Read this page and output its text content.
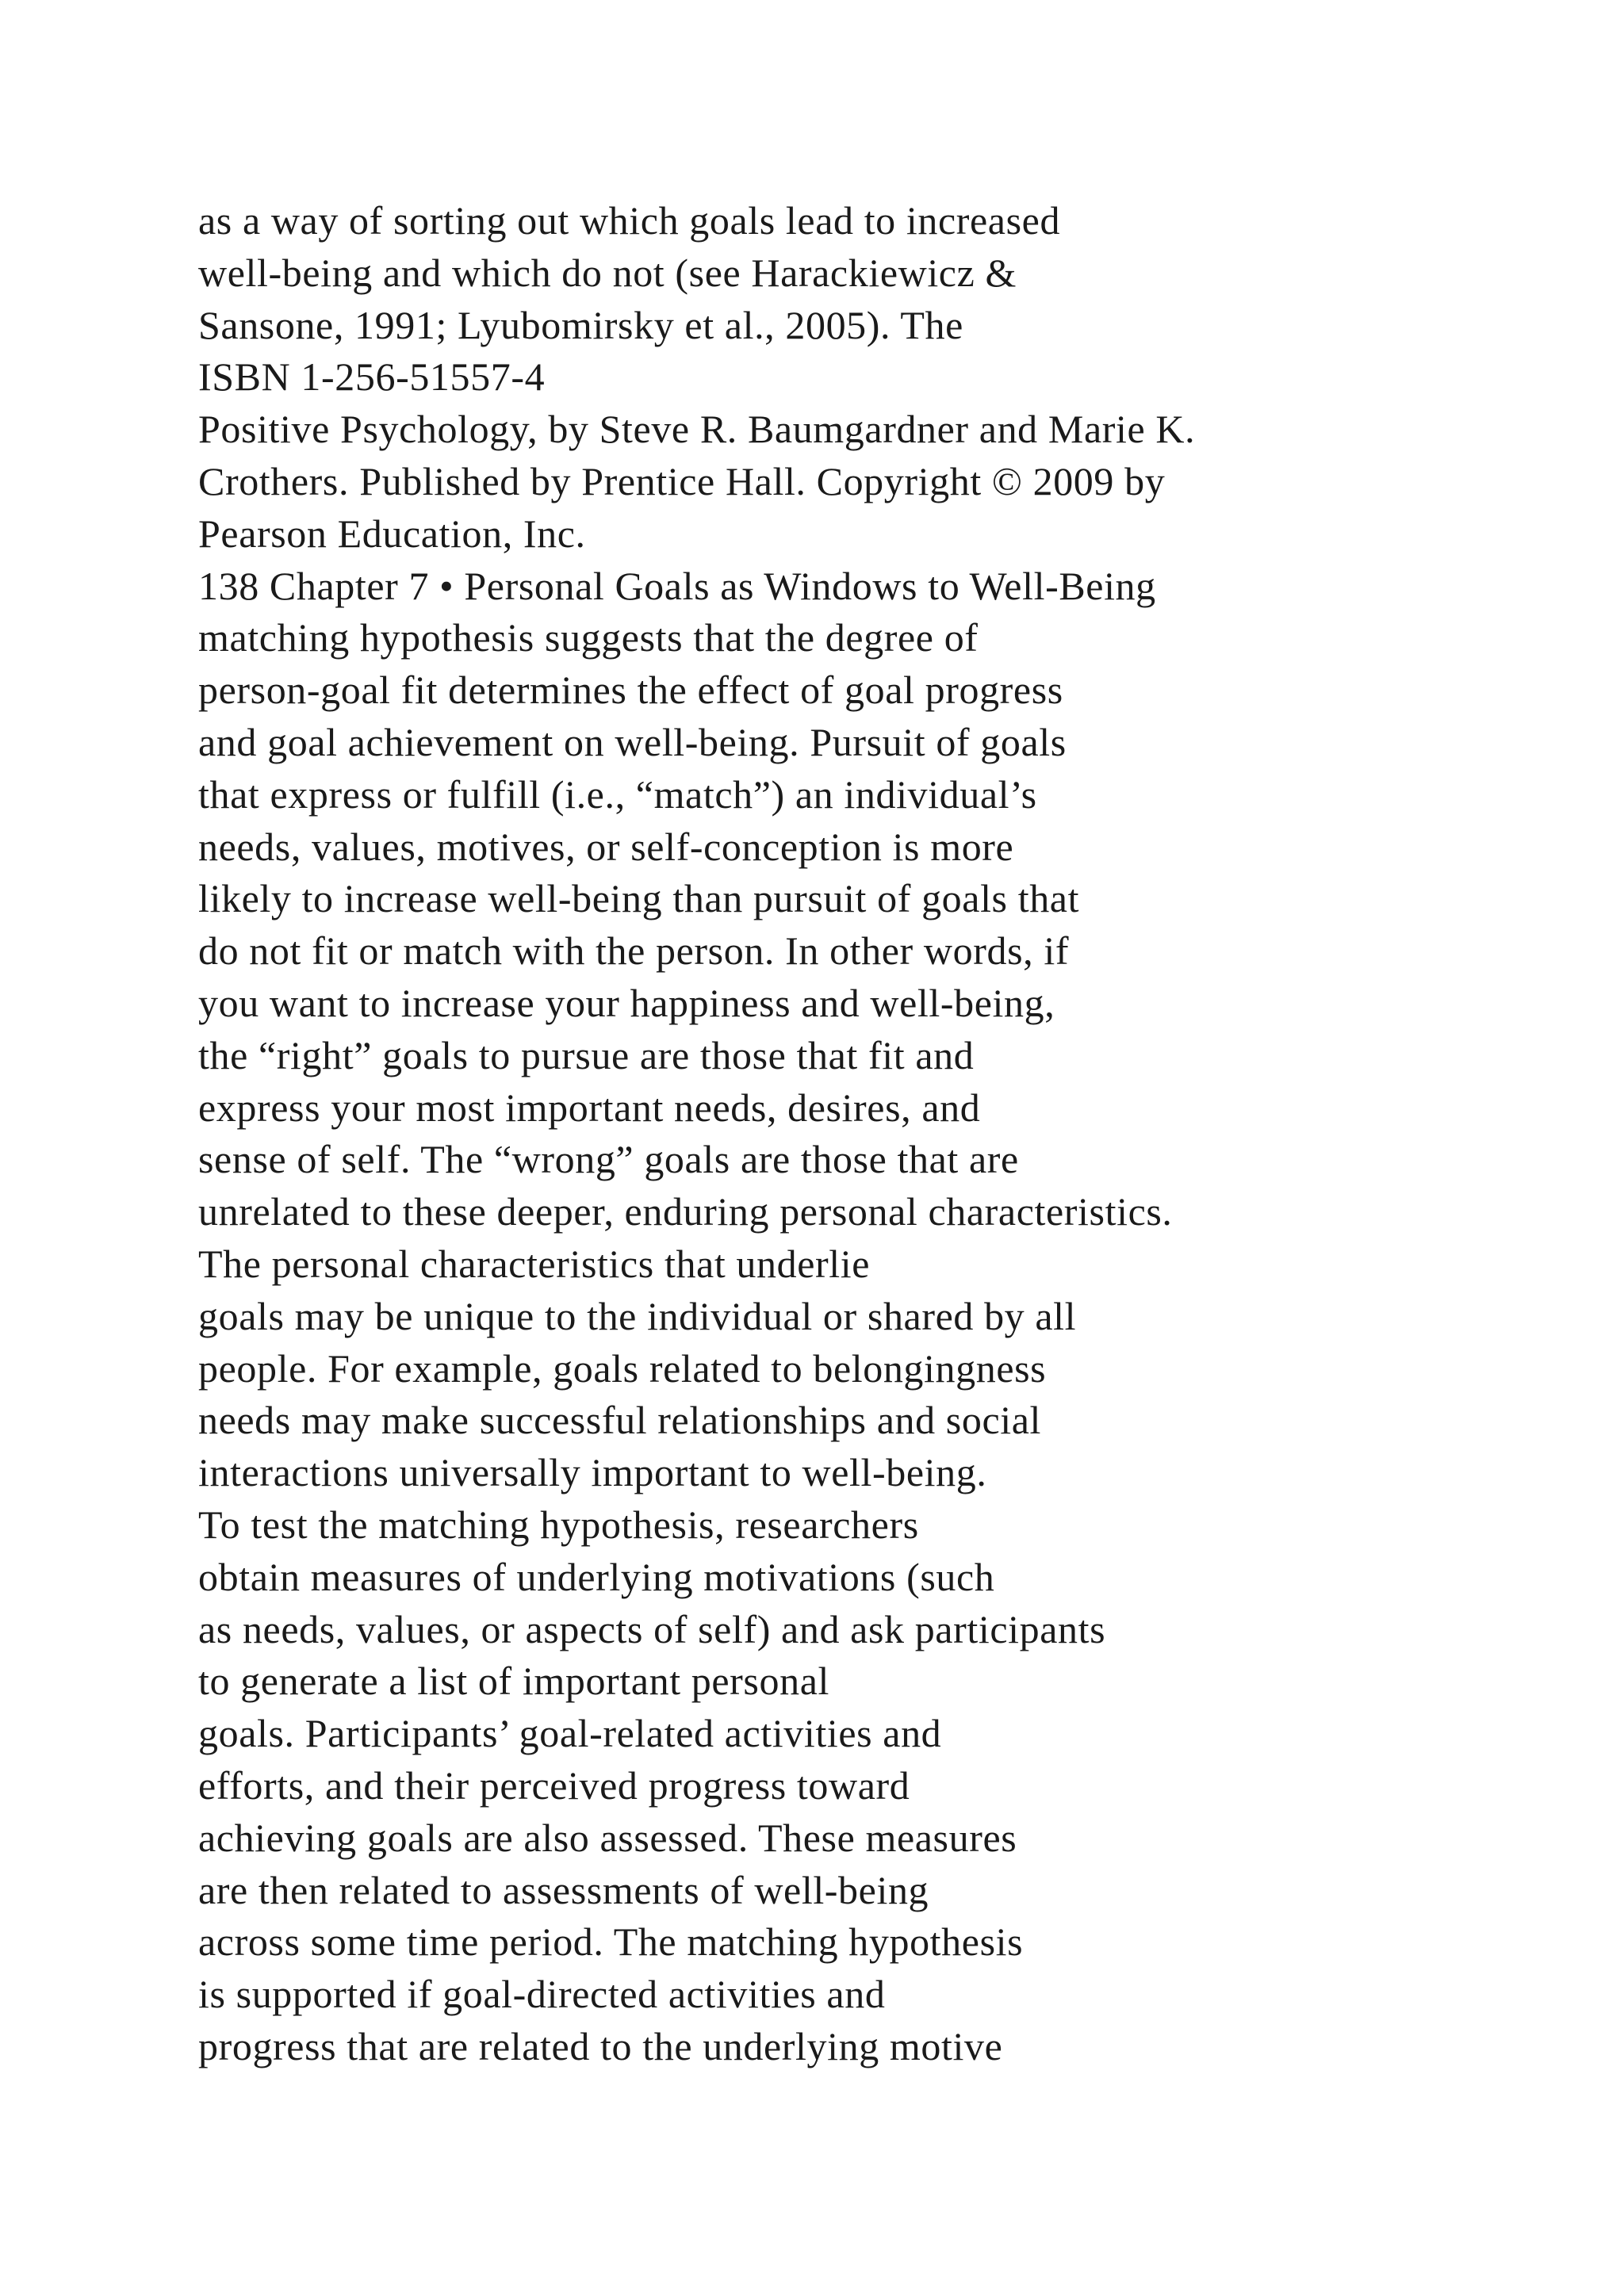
as a way of sorting out which goals lead to increased
well-being and which do not (see Harackiewicz &
Sansone, 1991; Lyubomirsky et al., 2005). The
ISBN 1-256-51557-4
Positive Psychology, by Steve R. Baumgardner and Marie K.
Crothers. Published by Prentice Hall. Copyright © 2009 by
Pearson Education, Inc.
138 Chapter 7 • Personal Goals as Windows to Well-Being
matching hypothesis suggests that the degree of
person-goal fit determines the effect of goal progress
and goal achievement on well-being. Pursuit of goals
that express or fulfill (i.e., “match”) an individual’s
needs, values, motives, or self-conception is more
likely to increase well-being than pursuit of goals that
do not fit or match with the person. In other words, if
you want to increase your happiness and well-being,
the “right” goals to pursue are those that fit and
express your most important needs, desires, and
sense of self. The “wrong” goals are those that are
unrelated to these deeper, enduring personal characteristics.
The personal characteristics that underlie
goals may be unique to the individual or shared by all
people. For example, goals related to belongingness
needs may make successful relationships and social
interactions universally important to well-being.
To test the matching hypothesis, researchers
obtain measures of underlying motivations (such
as needs, values, or aspects of self) and ask participants
to generate a list of important personal
goals. Participants’ goal-related activities and
efforts, and their perceived progress toward
achieving goals are also assessed. These measures
are then related to assessments of well-being
across some time period. The matching hypothesis
is supported if goal-directed activities and
progress that are related to the underlying motive
